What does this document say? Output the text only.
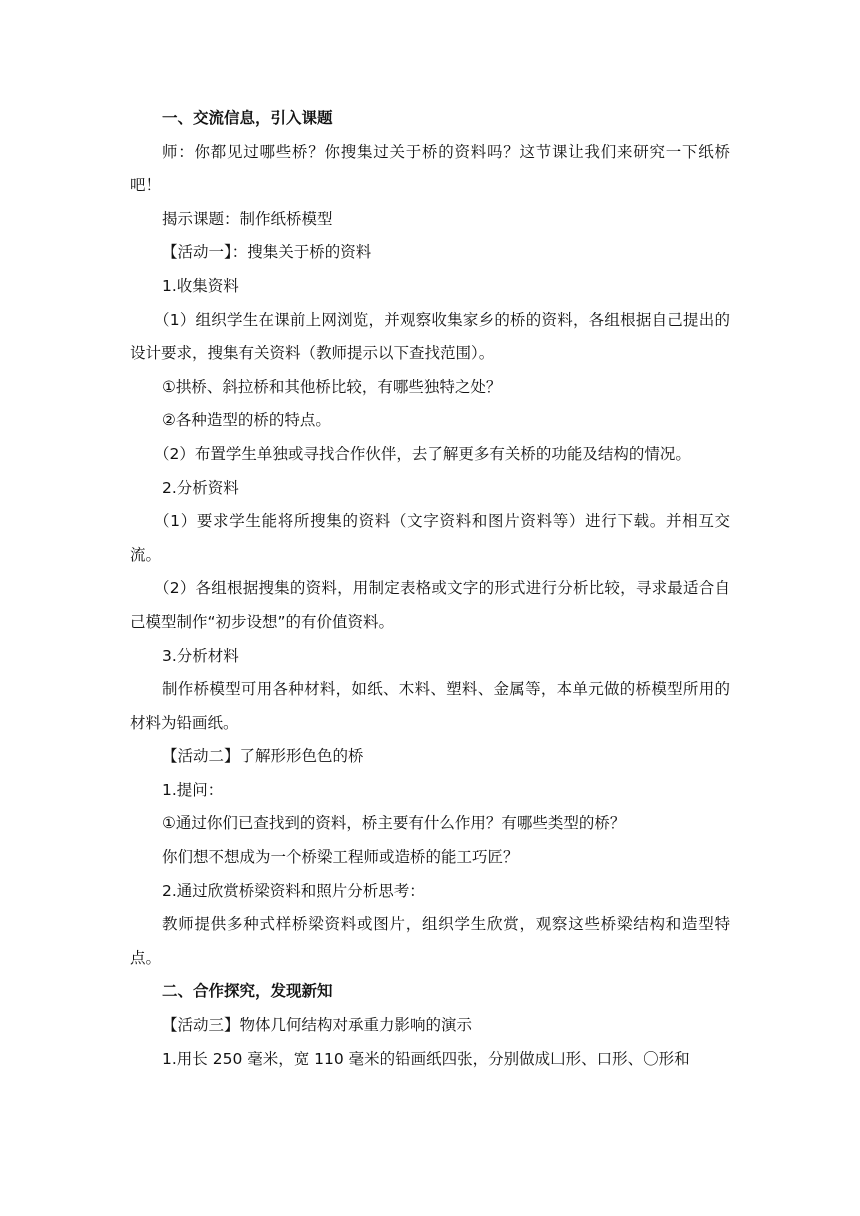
一、交流信息，引入课题

师：你都见过哪些桥？你搜集过关于桥的资料吗？这节课让我们来研究一下纸桥吧！

揭示课题：制作纸桥模型

【活动一】：搜集关于桥的资料

1.收集资料

（1）组织学生在课前上网浏览，并观察收集家乡的桥的资料，各组根据自己提出的设计要求，搜集有关资料（教师提示以下查找范围）。

①拱桥、斜拉桥和其他桥比较，有哪些独特之处？

②各种造型的桥的特点。

（2）布置学生单独或寻找合作伙伴，去了解更多有关桥的功能及结构的情况。

2.分析资料

（1）要求学生能将所搜集的资料（文字资料和图片资料等）进行下载。并相互交流。

（2）各组根据搜集的资料，用制定表格或文字的形式进行分析比较，寻求最适合自己模型制作“初步设想”的有价值资料。

3.分析材料

制作桥模型可用各种材料，如纸、木料、塑料、金属等，本单元做的桥模型所用的材料为铅画纸。

【活动二】了解形形色色的桥

1.提问：

①通过你们已查找到的资料，桥主要有什么作用？有哪些类型的桥？

你们想不想成为一个桥梁工程师或造桥的能工巧匠？

2.通过欣赏桥梁资料和照片分析思考：

教师提供多种式样桥梁资料或图片，组织学生欣赏，观察这些桥梁结构和造型特点。

二、合作探究，发现新知

【活动三】物体几何结构对承重力影响的演示

1.用长 250 毫米，宽 110 毫米的铅画纸四张，分别做成凵形、口形、〇形和
